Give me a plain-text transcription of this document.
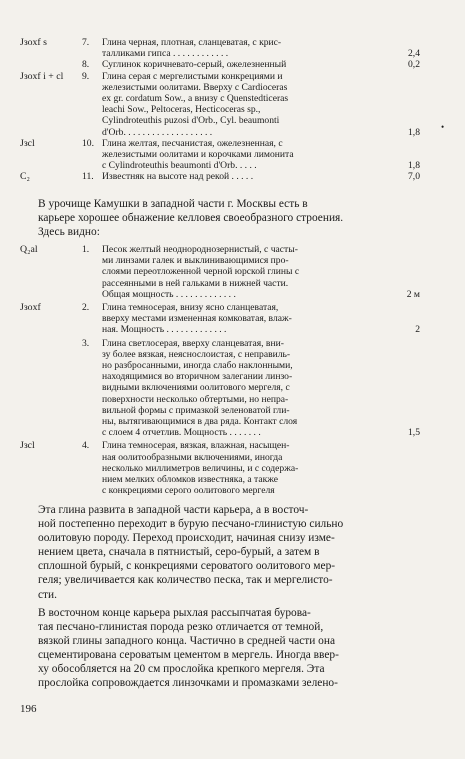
•
Jзоxf s	7. Глина черная, плотная, сланцеватая, с крис-
талликами гипса . . . . . . . . . . . .	2,4
8. Суглинок коричневато-серый, ожелезненный	0,2
Jзоxf i + cl 9. Глина серая с мергелистыми конкрециями и
железистыми оолитами. Вверху с Cardioceras
ex gr. cordatum Sow., а внизу с Quenstedticeras
leachi Sow., Peltoceras, Hecticoceras sp.,
Cylindroteuthis puzosi d'Orb., Cyl. beaumonti
d'Orb. . . . . . . . . . . . . . . . . . .	1,8
Jзcl	10. Глина желтая, песчанистая, ожелезненная, с
железистыми оолитами и корочками лимонита
с Cylindroteuthis beaumonti d'Orb. . . . .	1,8
C₂	11. Известняк на высоте над рекой . . . . .	7,0
В урочище Камушки в западной части г. Москвы есть в
карьере хорошее обнажение келловея своеобразного строения.
Здесь видно:
Q₂al	1. Песок желтый неоднороднозернистый, с часты-
ми линзами галек и выклинивающимися про-
слоями переотложенной черной юрской глины с
рассеянными в ней гальками в нижней части.
Общая мощность . . . . . . . . . . . . .	2 м
Jзoxf	2. Глина темносерая, внизу ясно сланцеватая,
вверху местами измененная комковатая, влаж-
ная. Мощность . . . . . . . . . . . . .	2
3. Глина светлосерая, вверху сланцеватая, вни-
зу более вязкая, неяснослоистая, с неправиль-
но разбросанными, иногда слабо наклонными,
находящимися во вторичном залегании линзо-
видными включениями оолитового мергеля, с
поверхности несколько обтертыми, но непра-
вильной формы с примазкой зеленоватой гли-
ны, вытягивающимися в два ряда. Контакт слоя
с слоем 4 отчетлив. Мощность . . . . . . .	1,5
Jзcl	4. Глина темносерая, вязкая, влажная, насыщен-
ная оолитообразными включениями, иногда
несколько миллиметров величины, и с содержа-
нием мелких обломков известняка, а также
с конкрециями серого оолитового мергеля
Эта глина развита в западной части карьера, а в восточ-
ной постепенно переходит в бурую песчано-глинистую сильно
оолитовую породу. Переход происходит, начиная снизу изме-
нением цвета, сначала в пятнистый, серо-бурый, а затем в
сплошной бурый, с конкрециями сероватого оолитового мер-
геля; увеличивается как количество песка, так и мергелисто-
сти.
В восточном конце карьера рыхлая рассыпчатая бурова-
тая песчано-глинистая порода резко отличается от темной,
вязкой глины западного конца. Частично в средней части она
сцементирована сероватым цементом в мергель. Иногда ввер-
ху обособляется на 20 см прослойка крепкого мергеля. Эта
прослойка сопровождается линзочками и промазками зелено-
196
